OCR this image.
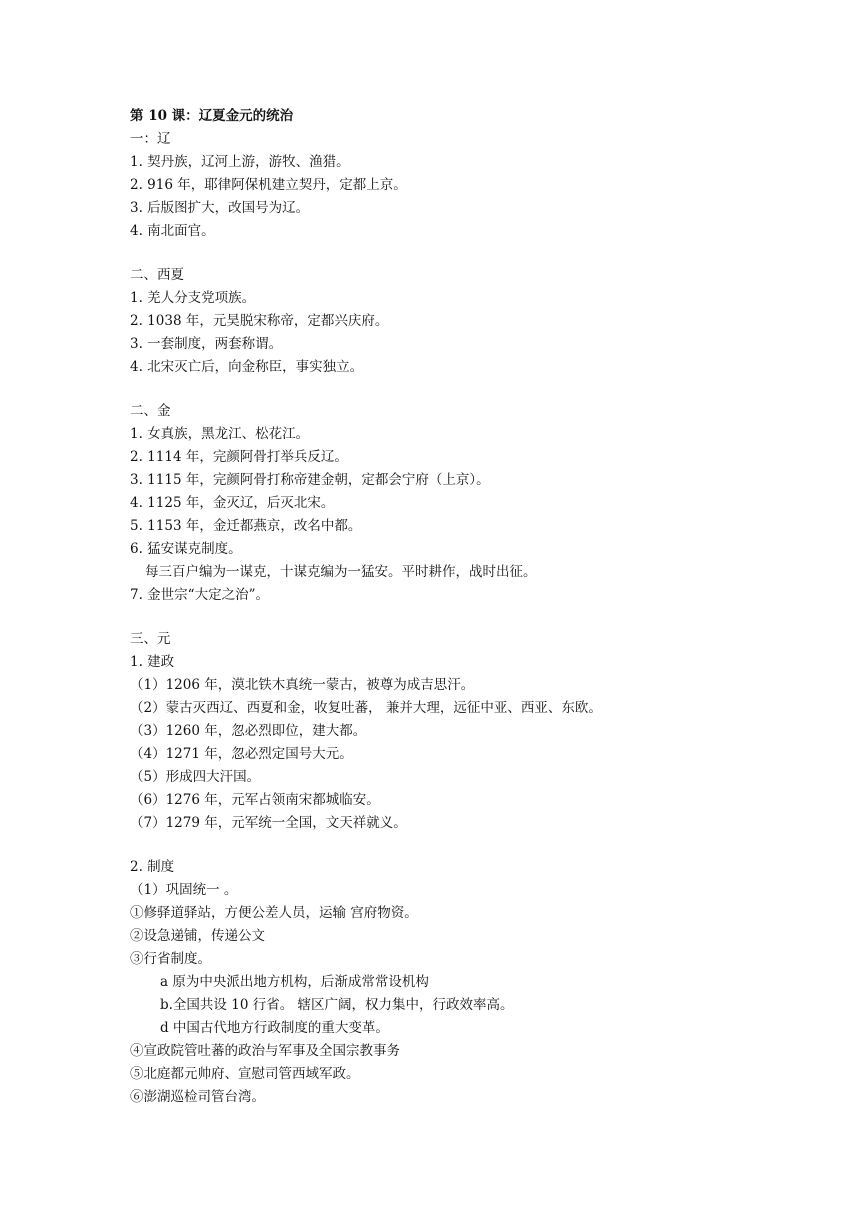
第 10 课：辽夏金元的统治
一：辽
1. 契丹族，辽河上游，游牧、渔猎。
2. 916 年，耶律阿保机建立契丹，定都上京。
3. 后版图扩大，改国号为辽。
4. 南北面官。
二、西夏
1. 羌人分支党项族。
2. 1038 年，元昊脱宋称帝，定都兴庆府。
3. 一套制度，两套称谓。
4. 北宋灭亡后，向金称臣，事实独立。
二、金
1. 女真族，黑龙江、松花江。
2. 1114 年，完颜阿骨打举兵反辽。
3. 1115 年，完颜阿骨打称帝建金朝，定都会宁府（上京）。
4. 1125 年，金灭辽，后灭北宋。
5. 1153 年，金迁都燕京，改名中都。
6. 猛安谋克制度。
每三百户编为一谋克，十谋克编为一猛安。平时耕作，战时出征。
7. 金世宗“大定之治”。
三、元
1. 建政
（1）1206 年，漠北铁木真统一蒙古，被尊为成吉思汗。
（2）蒙古灭西辽、西夏和金，收复吐蕃， 兼并大理，远征中亚、西亚、东欧。
（3）1260 年，忽必烈即位，建大都。
（4）1271 年，忽必烈定国号大元。
（5）形成四大汗国。
（6）1276 年，元军占领南宋都城临安。
（7）1279 年，元军统一全国，文天祥就义。
2. 制度
（1）巩固统一 。
①修驿道驿站，方便公差人员，运输 宫府物资。
②设急递铺，传递公文
③行省制度。
a 原为中央派出地方机构，后渐成常常设机构
b.全国共设 10 行省。 辖区广阔，权力集中，行政效率高。
d 中国古代地方行政制度的重大变革。
④宣政院管吐蕃的政治与军事及全国宗教事务
⑤北庭都元帅府、宣慰司管西域军政。
⑥澎湖巡检司管台湾。
